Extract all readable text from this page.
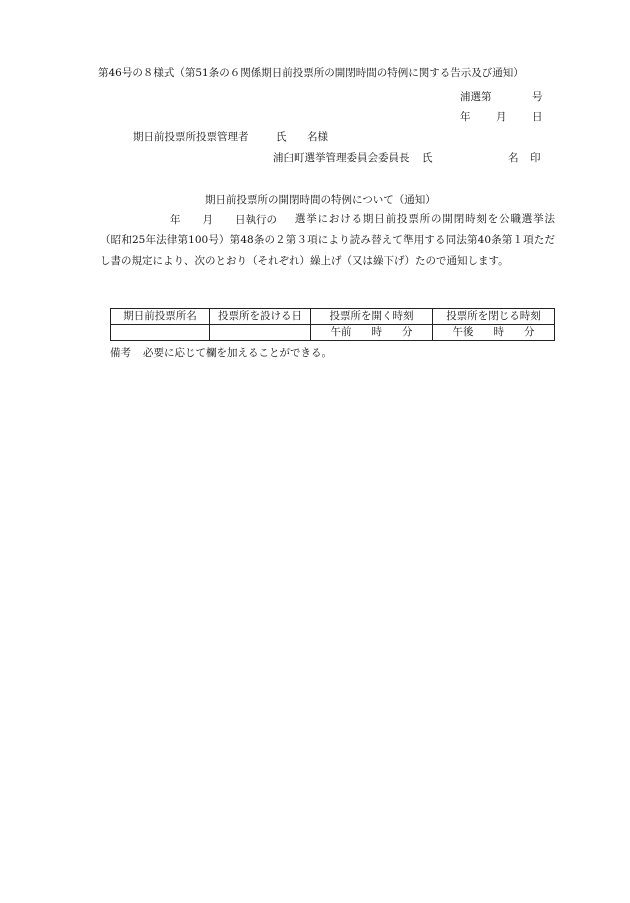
第46号の８様式（第51条の６関係期日前投票所の開閉時間の特例に関する告示及び通知）
浦選第	号
年 月 日
期日前投票所投票管理者	氏 名様
浦臼町選挙管理委員会委員長 氏	名 印
期日前投票所の開閉時間の特例について（通知）
年 月 日執行の	選挙における期日前投票所の開閉時刻を公職選挙法（昭和25年法律第100号）第48条の２第３項により読み替えて準用する同法第40条第１項ただし書の規定により、次のとおり（それぞれ）繰上げ（又は繰下げ）たので通知します。
期日前投票所名	投票所を設ける日	投票所を開く時刻	投票所を閉じる時刻
		午前 時 分	午後 時 分
備考 必要に応じて欄を加えることができる。
